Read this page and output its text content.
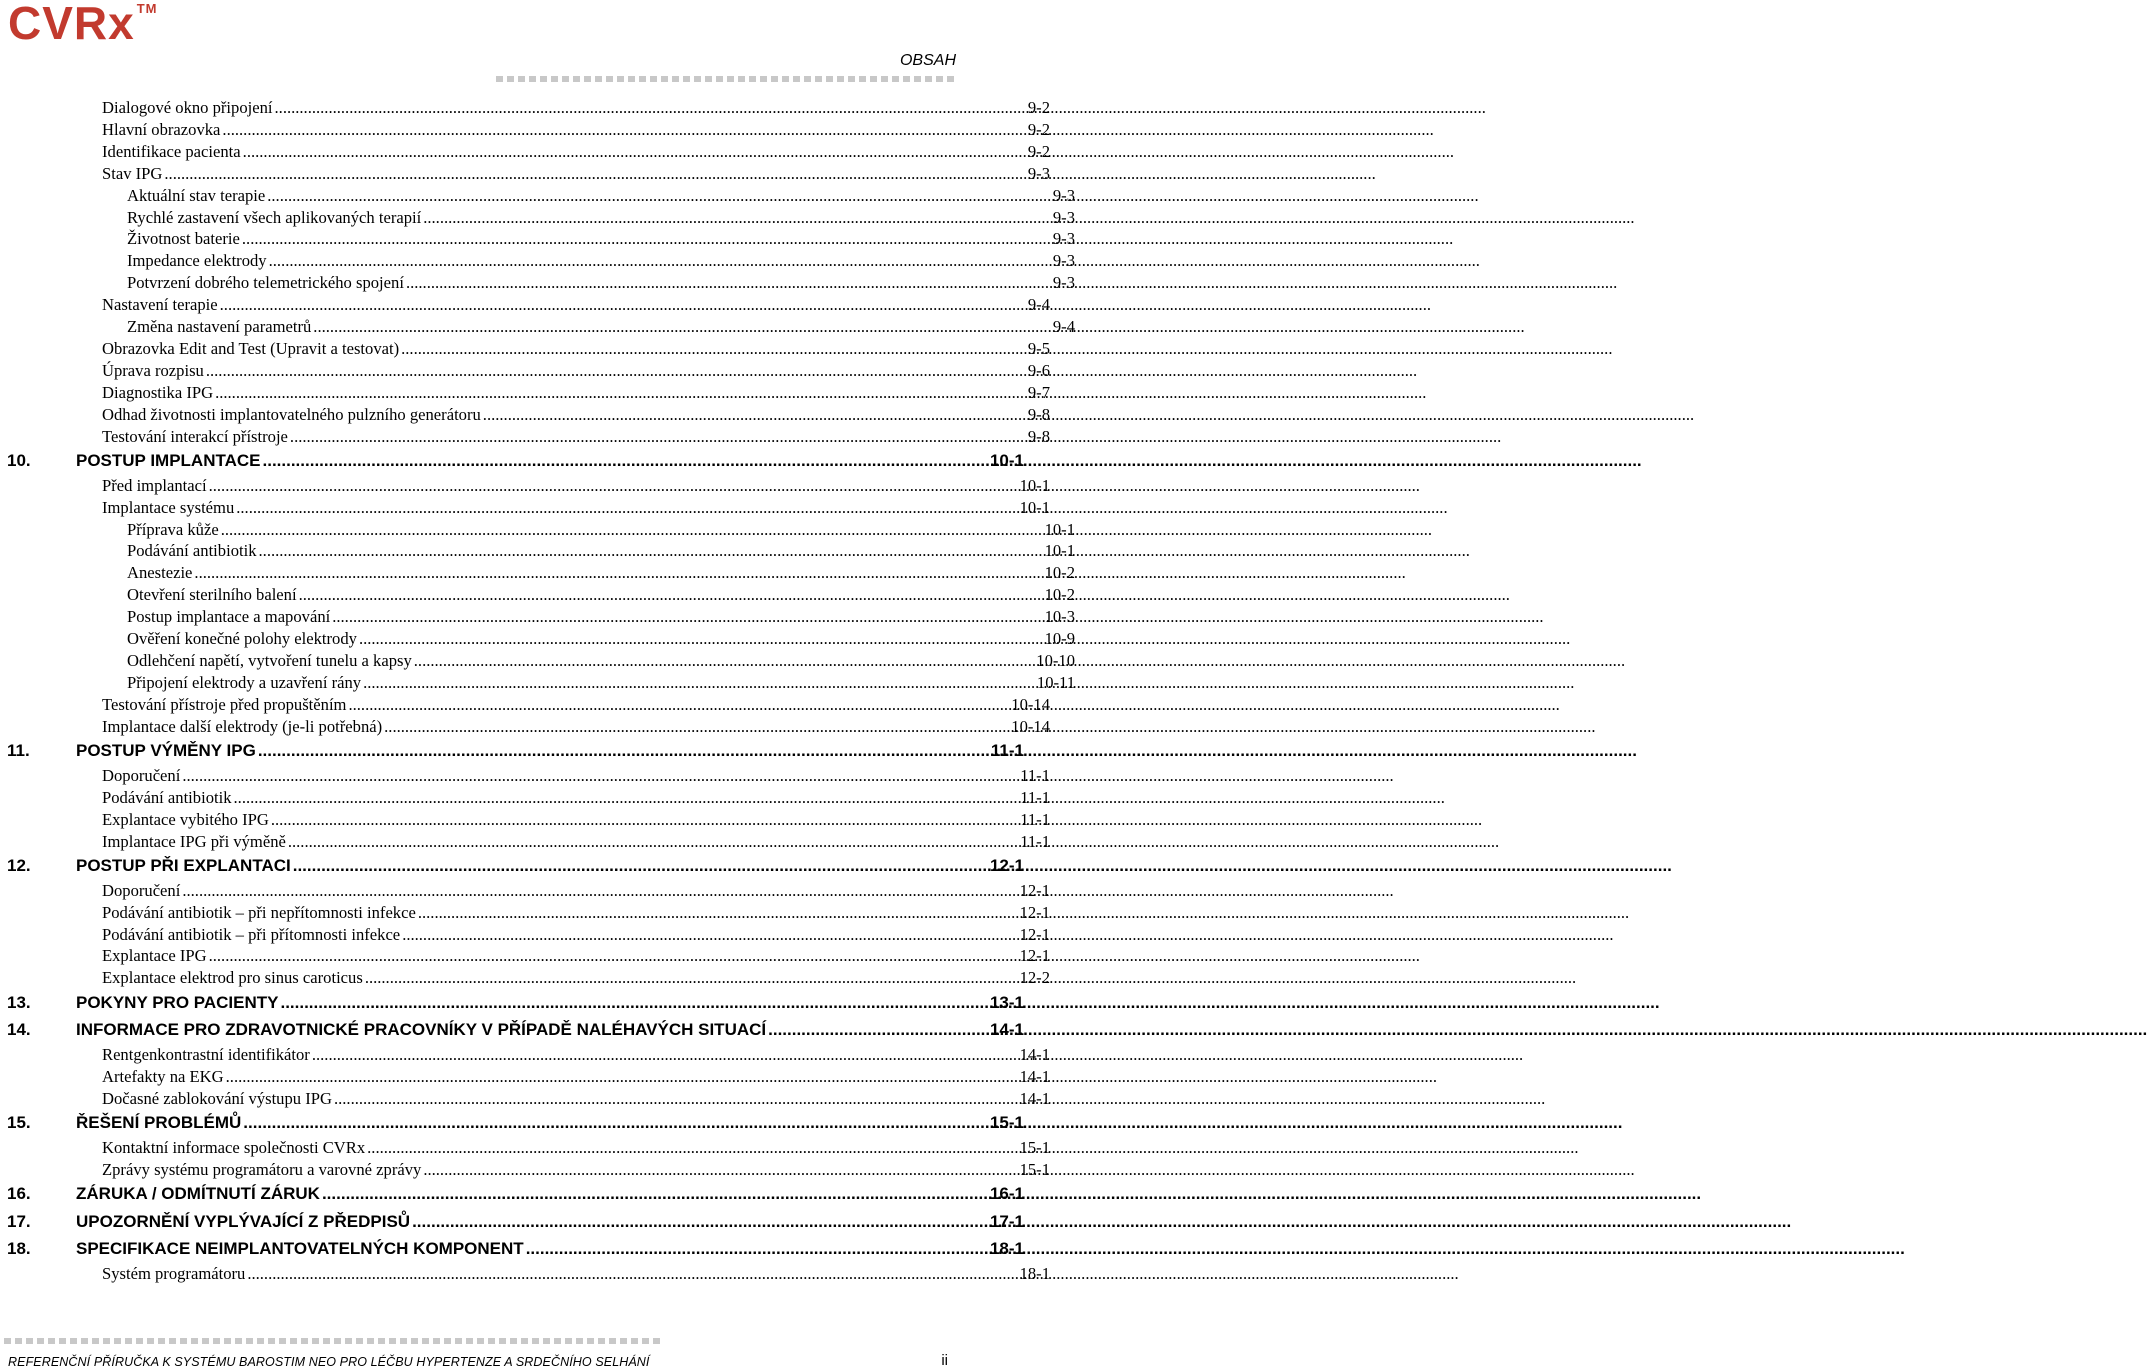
CVRx ™
OBSAH
Dialogové okno připojení .....	9-2
Hlavní obrazovka .....	9-2
Identifikace pacienta .....	9-2
Stav IPG .....	9-3
Aktuální stav terapie .....	9-3
Rychlé zastavení všech aplikovaných terapií .....	9-3
Životnost baterie .....	9-3
Impedance elektrody .....	9-3
Potvrzení dobrého telemetrického spojení .....	9-3
Nastavení terapie .....	9-4
Změna nastavení parametrů .....	9-4
Obrazovka Edit and Test (Upravit a testovat) .....	9-5
Úprava rozpisu .....	9-6
Diagnostika IPG .....	9-7
Odhad životnosti implantovatelného pulzního generátoru .....	9-8
Testování interakcí přístroje .....	9-8
10.	POSTUP IMPLANTACE .....	10-1
Před implantací .....	10-1
Implantace systému .....	10-1
Příprava kůže .....	10-1
Podávání antibiotik .....	10-1
Anestezie .....	10-2
Otevření sterilního balení .....	10-2
Postup implantace a mapování .....	10-3
Ověření konečné polohy elektrody .....	10-9
Odlehčení napětí, vytvoření tunelu a kapsy .....	10-10
Připojení elektrody a uzavření rány .....	10-11
Testování přístroje před propuštěním .....	10-14
Implantace další elektrody (je-li potřebná) .....	10-14
11.	POSTUP VÝMĚNY IPG .....	11-1
Doporučení .....	11-1
Podávání antibiotik .....	11-1
Explantace vybitého IPG .....	11-1
Implantace IPG při výměně .....	11-1
12.	POSTUP PŘI EXPLANTACI .....	12-1
Doporučení .....	12-1
Podávání antibiotik – při nepřítomnosti infekce .....	12-1
Podávání antibiotik – při přítomnosti infekce .....	12-1
Explantace IPG .....	12-1
Explantace elektrod pro sinus caroticus .....	12-2
13.	POKYNY PRO PACIENTY .....	13-1
14.	INFORMACE PRO ZDRAVOTNICKÉ PRACOVNÍKY V PŘÍPADĚ NALÉHAVÝCH SITUACÍ .....	14-1
Rentgenkontrastní identifikátor .....	14-1
Artefakty na EKG .....	14-1
Dočasné zablokování výstupu IPG .....	14-1
15.	ŘEŠENÍ PROBLÉMŮ .....	15-1
Kontaktní informace společnosti CVRx .....	15-1
Zprávy systému programátoru a varovné zprávy .....	15-1
16.	ZÁRUKA / ODMÍTNUTÍ ZÁRUK .....	16-1
17.	UPOZORNĚNÍ VYPLÝVAJÍCÍ Z PŘEDPISŮ .....	17-1
18.	SPECIFIKACE NEIMPLANTOVATELNÝCH KOMPONENT .....	18-1
Systém programátoru .....	18-1
REFERENČNÍ PŘÍRUČKA K SYSTÉMU BAROSTIM NEO PRO LÉČBU HYPERTENZE A SRDEČNÍHO SELHÁNÍ	ii
